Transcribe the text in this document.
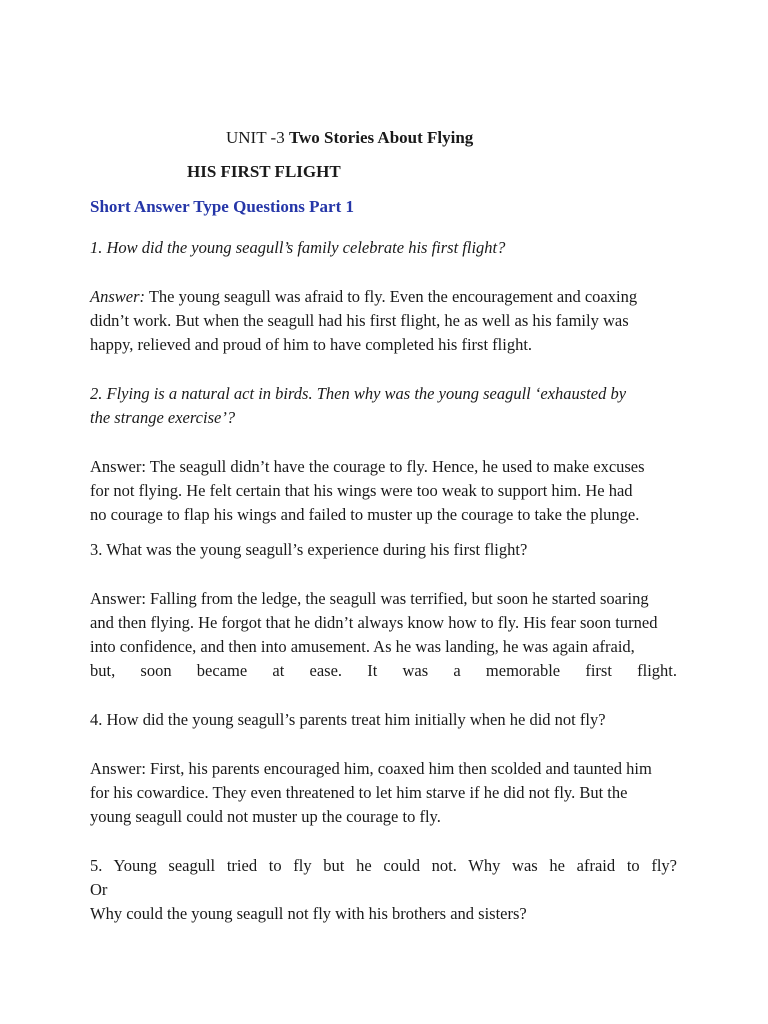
UNIT -3 Two Stories About Flying
HIS FIRST FLIGHT
Short Answer Type Questions Part 1
1. How did the young seagull’s family celebrate his first flight?
Answer: The young seagull was afraid to fly. Even the encouragement and coaxing
didn’t work. But when the seagull had his first flight, he as well as his family was
happy, relieved and proud of him to have completed his first flight.
2. Flying is a natural act in birds. Then why was the young seagull ‘exhausted by
the strange exercise’?
Answer: The seagull didn’t have the courage to fly. Hence, he used to make excuses
for not flying. He felt certain that his wings were too weak to support him. He had
no courage to flap his wings and failed to muster up the courage to take the plunge.
3. What was the young seagull’s experience during his first flight?
Answer: Falling from the ledge, the seagull was terrified, but soon he started soaring
and then flying. He forgot that he didn’t always know how to fly. His fear soon turned
into confidence, and then into amusement. As he was landing, he was again afraid,
but, soon became at ease. It was a memorable first flight.
4. How did the young seagull’s parents treat him initially when he did not fly?
Answer: First, his parents encouraged him, coaxed him then scolded and taunted him
for his cowardice. They even threatened to let him starve if he did not fly. But the
young seagull could not muster up the courage to fly.
5. Young seagull tried to fly but he could not. Why was he afraid to fly?
Or
Why could the young seagull not fly with his brothers and sisters?
